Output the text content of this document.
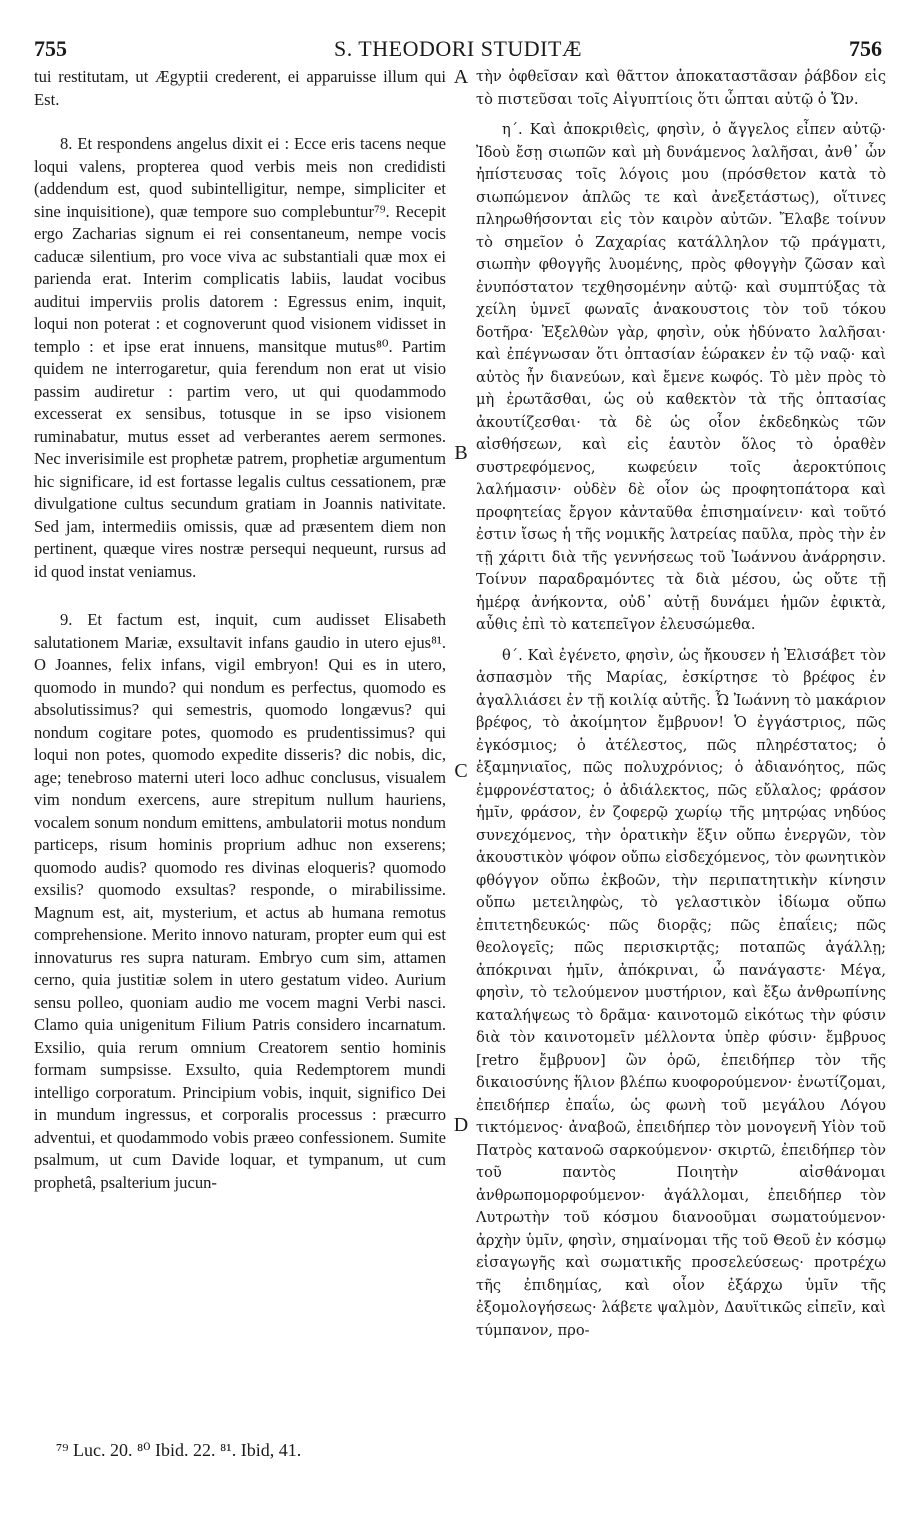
755	S. THEODORI STUDITÆ	756

tui restitutam, ut Ægyptii crederent, ei apparuisse illum qui Est.

8. Et respondens angelus dixit ei : Ecce eris tacens neque loqui valens, propterea quod verbis meis non credidisti (addendum est, quod subintelligitur, nempe, simpliciter et sine inquisitione), quæ tempore suo complebuntur⁷⁹. Recepit ergo Zacharias signum ei rei consentaneum, nempe vocis caducæ silentium, pro voce viva ac substantiali quæ mox ei parienda erat. Interim complicatis labiis, laudat vocibus auditui imperviis prolis datorem : Egressus enim, inquit, loqui non poterat : et cognoverunt quod visionem vidisset in templo : et ipse erat innuens, mansitque mutus⁸⁰. Partim quidem ne interrogaretur, quia ferendum non erat ut visio passim audiretur : partim vero, ut qui quodammodo excesserat ex sensibus, totusque in se ipso visionem ruminabatur, mutus esset ad verberantes aerem sermones. Nec inverisimile est prophetæ patrem, prophetiæ argumentum hic significare, id est fortasse legalis cultus cessationem, præ divulgatione cultus secundum gratiam in Joannis nativitate. Sed jam, intermediis omissis, quæ ad præsentem diem non pertinent, quæque vires nostræ persequi nequeunt, rursus ad id quod instat veniamus.

9. Et factum est, inquit, cum audisset Elisabeth salutationem Mariæ, exsultavit infans gaudio in utero ejus⁸¹. O Joannes, felix infans, vigil embryon! Qui es in utero, quomodo in mundo? qui nondum es perfectus, quomodo es absolutissimus? qui semestris, quomodo longævus? qui nondum cogitare potes, quomodo es prudentissimus? qui loqui non potes, quomodo expedite disseris? dic nobis, dic, age; tenebroso materni uteri loco adhuc conclusus, visualem vim nondum exercens, aure strepitum nullum hauriens, vocalem sonum nondum emittens, ambulatorii motus nondum particeps, risum hominis proprium adhuc non exserens; quomodo audis? quomodo res divinas eloqueris? quomodo exsilis? quomodo exsultas? responde, o mirabilissime. Magnum est, ait, mysterium, et actus ab humana remotus comprehensione. Merito innovo naturam, propter eum qui est innovaturus res supra naturam. Embryo cum sim, attamen cerno, quia justitiæ solem in utero gestatum video. Aurium sensu polleo, quoniam audio me vocem magni Verbi nasci. Clamo quia unigenitum Filium Patris considero incarnatum. Exsilio, quia rerum omnium Creatorem sentio hominis formam sumpsisse. Exsulto, quia Redemptorem mundi intelligo corporatum. Principium vobis, inquit, significo Dei in mundum ingressus, et corporalis processus : præcurro adventui, et quodammodo vobis præeo confessionem. Sumite psalmum, ut cum Davide loquar, et tympanum, ut cum prophetâ, psalterium jucun-

A
B
C
D

τὴν ὀφθεῖσαν καὶ θᾶττον ἀποκαταστᾶσαν ῥάβδον εἰς τὸ πιστεῦσαι τοῖς Αἰγυπτίοις ὅτι ὦπται αὐτῷ ὁ Ὤν.

η΄. Καὶ ἀποκριθεὶς, φησὶν, ὁ ἄγγελος εἶπεν αὐτῷ· Ἰδοὺ ἔσῃ σιωπῶν καὶ μὴ δυνάμενος λαλῆσαι, ἀνθ᾽ ὧν ἠπίστευσας τοῖς λόγοις μου (πρόσθετον κατὰ τὸ σιωπώμενον ἁπλῶς τε καὶ ἀνεξετάστως), οἵτινες πληρωθήσονται εἰς τὸν καιρὸν αὐτῶν. Ἔλαβε τοίνυν τὸ σημεῖον ὁ Ζαχαρίας κατάλληλον τῷ πράγματι, σιωπὴν φθογγῆς λυομένης, πρὸς φθογγὴν ζῶσαν καὶ ἐνυπόστατον τεχθησομένην αὐτῷ· καὶ συμπτύξας τὰ χείλη ὑμνεῖ φωναῖς ἀνακουστοις τὸν τοῦ τόκου δοτῆρα· Ἐξελθὼν γὰρ, φησὶν, οὐκ ἠδύνατο λαλῆσαι· καὶ ἐπέγνωσαν ὅτι ὀπτασίαν ἑώρακεν ἐν τῷ ναῷ· καὶ αὐτὸς ἦν διανεύων, καὶ ἔμενε κωφός. Τὸ μὲν πρὸς τὸ μὴ ἐρωτᾶσθαι, ὡς οὐ καθεκτὸν τὰ τῆς ὀπτασίας ἀκουτίζεσθαι· τὰ δὲ ὡς οἷον ἐκδεδηκὼς τῶν αἰσθήσεων, καὶ εἰς ἑαυτὸν ὅλος τὸ ὁραθὲν συστρεφόμενος, κωφεύειν τοῖς ἀεροκτύποις λαλήμασιν· οὐδὲν δὲ οἷον ὡς προφητοπάτορα καὶ προφητείας ἔργον κἀνταῦθα ἐπισημαίνειν· καὶ τοῦτό ἐστιν ἴσως ἡ τῆς νομικῆς λατρείας παῦλα, πρὸς τὴν ἐν τῇ χάριτι διὰ τῆς γεννήσεως τοῦ Ἰωάννου ἀνάρρησιν. Τοίνυν παραδραμόντες τὰ διὰ μέσου, ὡς οὔτε τῇ ἡμέρᾳ ἀνήκοντα, οὐδ᾽ αὐτῇ δυνάμει ἡμῶν ἐφικτὰ, αὖθις ἐπὶ τὸ κατεπεῖγον ἐλευσώμεθα.

θ΄. Καὶ ἐγένετο, φησὶν, ὡς ἤκουσεν ἡ Ἐλισάβετ τὸν ἀσπασμὸν τῆς Μαρίας, ἐσκίρτησε τὸ βρέφος ἐν ἀγαλλιάσει ἐν τῇ κοιλίᾳ αὐτῆς. Ὦ Ἰωάννη τὸ μακάριον βρέφος, τὸ ἀκοίμητον ἔμβρυον! Ὁ ἐγγάστριος, πῶς ἐγκόσμιος; ὁ ἀτέλεστος, πῶς πληρέστατος; ὁ ἑξαμηνιαῖος, πῶς πολυχρόνιος; ὁ ἀδιανόητος, πῶς ἐμφρονέστατος; ὁ ἀδιάλεκτος, πῶς εὔλαλος; φράσον ἡμῖν, φράσον, ἐν ζοφερῷ χωρίῳ τῆς μητρῴας νηδύος συνεχόμενος, τὴν ὁρατικὴν ἕξιν οὔπω ἐνεργῶν, τὸν ἀκουστικὸν ψόφον οὔπω εἰσδεχόμενος, τὸν φωνητικὸν φθόγγον οὔπω ἐκβοῶν, τὴν περιπατητικὴν κίνησιν οὔπω μετειληφὼς, τὸ γελαστικὸν ἰδίωμα οὔπω ἐπιτετηδευκώς· πῶς διορᾷς; πῶς ἐπαΐεις; πῶς θεολογεῖς; πῶς περισκιρτᾷς; ποταπῶς ἀγάλλῃ; ἀπόκριναι ἡμῖν, ἀπόκριναι, ὦ πανάγαστε· Μέγα, φησὶν, τὸ τελούμενον μυστήριον, καὶ ἔξω ἀνθρωπίνης καταλήψεως τὸ δρᾶμα· καινοτομῶ εἰκότως τὴν φύσιν διὰ τὸν καινοτομεῖν μέλλοντα ὑπὲρ φύσιν· ἔμβρυος [retro ἔμβρυον] ὢν ὁρῶ, ἐπειδήπερ τὸν τῆς δικαιοσύνης ἥλιον βλέπω κυοφορούμενον· ἐνωτίζομαι, ἐπειδήπερ ἐπαΐω, ὡς φωνὴ τοῦ μεγάλου Λόγου τικτόμενος· ἀναβοῶ, ἐπειδήπερ τὸν μονογενῆ Υἱὸν τοῦ Πατρὸς κατανοῶ σαρκούμενον· σκιρτῶ, ἐπειδήπερ τὸν τοῦ παντὸς Ποιητὴν αἰσθάνομαι ἀνθρωπομορφούμενον· ἀγάλλομαι, ἐπειδήπερ τὸν Λυτρωτὴν τοῦ κόσμου διανοοῦμαι σωματούμενον· ἀρχὴν ὑμῖν, φησὶν, σημαίνομαι τῆς τοῦ Θεοῦ ἐν κόσμῳ εἰσαγωγῆς καὶ σωματικῆς προσελεύσεως· προτρέχω τῆς ἐπιδημίας, καὶ οἷον ἐξάρχω ὑμῖν τῆς ἐξομολογήσεως· λάβετε ψαλμὸν, Δαυϊτικῶς εἰπεῖν, καὶ τύμπανον, προ-

⁷⁹ Luc. 20. ⁸⁰ Ibid. 22. ⁸¹. Ibid, 41.
